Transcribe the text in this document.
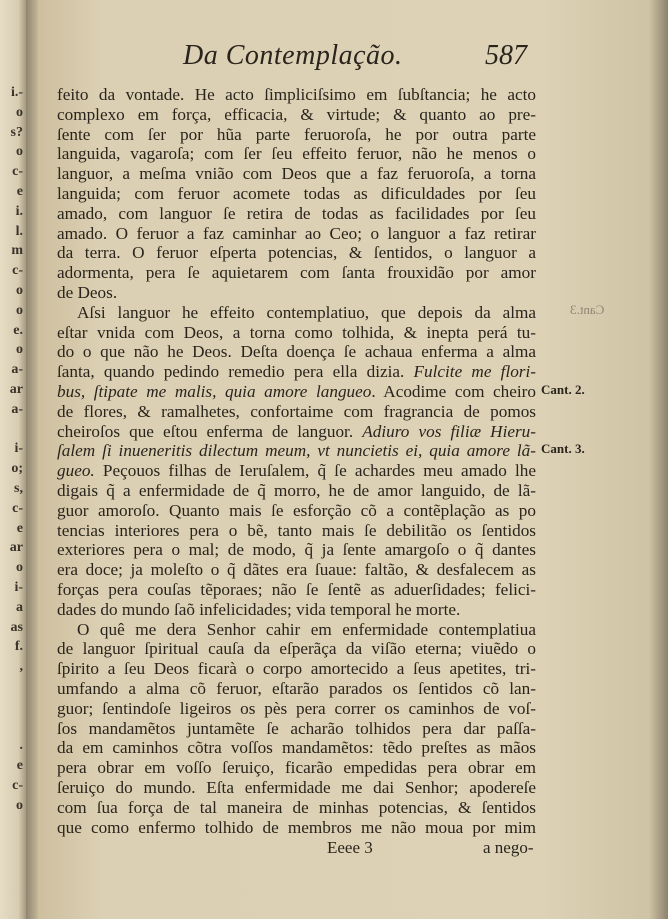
i.-
o
s?
o
c-
e
i.
l.
m
c-
o
o
e.
o
a-
ar
a-
i-
o;
s,
c-
e
ar
o
i-
a
as
f.
,
.
e
c-
o
Da Contemplação.	587
feito da vontade. He acto ſimpliciſsimo em ſubſtancia; he acto
complexo em força, efficacia, & virtude; & quanto ao pre-
ſente com ſer por hũa parte feruoroſa, he por outra parte
languida, vagaroſa; com ſer ſeu effeito feruor, não he menos o
languor, a meſma vnião com Deos que a faz feruoroſa, a torna
languida; com feruor acomete todas as dificuldades por ſeu
amado, com languor ſe retira de todas as facilidades por ſeu
amado. O feruor a faz caminhar ao Ceo; o languor a faz retirar
da terra. O feruor eſperta potencias, & ſentidos, o languor a
adormenta, pera ſe aquietarem com ſanta frouxidão por amor
de Deos.
Aſsi languor he effeito contemplatiuo, que depois da alma
eſtar vnida com Deos, a torna como tolhida, & inepta perá tu-
do o que não he Deos. Deſta doença ſe achaua enferma a alma
ſanta, quando pedindo remedio pera ella dizia. Fulcite me flori-
bus, ſtipate me malis, quia amore langueo. Acodime com cheiro
de flores, & ramalhetes, confortaime com fragrancia de pomos
cheiroſos que eſtou enferma de languor. Adiuro vos filiæ Hieru-
ſalem ſi inueneritis dilectum meum, vt nuncietis ei, quia amore lã-
gueo. Peçouos filhas de Ieruſalem, q̃ ſe achardes meu amado lhe
digais q̃ a enfermidade de q̃ morro, he de amor languido, de lã-
guor amoroſo. Quanto mais ſe esforção cõ a contẽplação as po
tencias interiores pera o bẽ, tanto mais ſe debilitão os ſentidos
exteriores pera o mal; de modo, q̃ ja ſente amargoſo o q̃ dantes
era doce; ja moleſto o q̃ dãtes era ſuaue: faltão, & desfalecem as
forças pera couſas tẽporaes; não ſe ſentẽ as aduerſidades; felici-
dades do mundo ſaõ infelicidades; vida temporal he morte.
O quê me dera Senhor cahir em enfermidade contemplatiua
de languor ſpiritual cauſa da eſperãça da viſão eterna; viuẽdo o
ſpirito a ſeu Deos ficarà o corpo amortecido a ſeus apetites, tri-
umfando a alma cõ feruor, eſtarão parados os ſentidos cõ lan-
guor; ſentindoſe ligeiros os pès pera correr os caminhos de voſ-
ſos mandamẽtos juntamẽte ſe acharão tolhidos pera dar paſſa-
da em caminhos cõtra voſſos mandamẽtos: tẽdo preſtes as mãos
pera obrar em voſſo ſeruiço, ficarão empedidas pera obrar em
ſeruiço do mundo. Eſta enfermidade me dai Senhor; apodereſe
com ſua força de tal maneira de minhas potencias, & ſentidos
que como enfermo tolhido de membros me não moua por mim
Cant. 2.
Cant. 3.
Cant.3
Eeee 3	a nego-
